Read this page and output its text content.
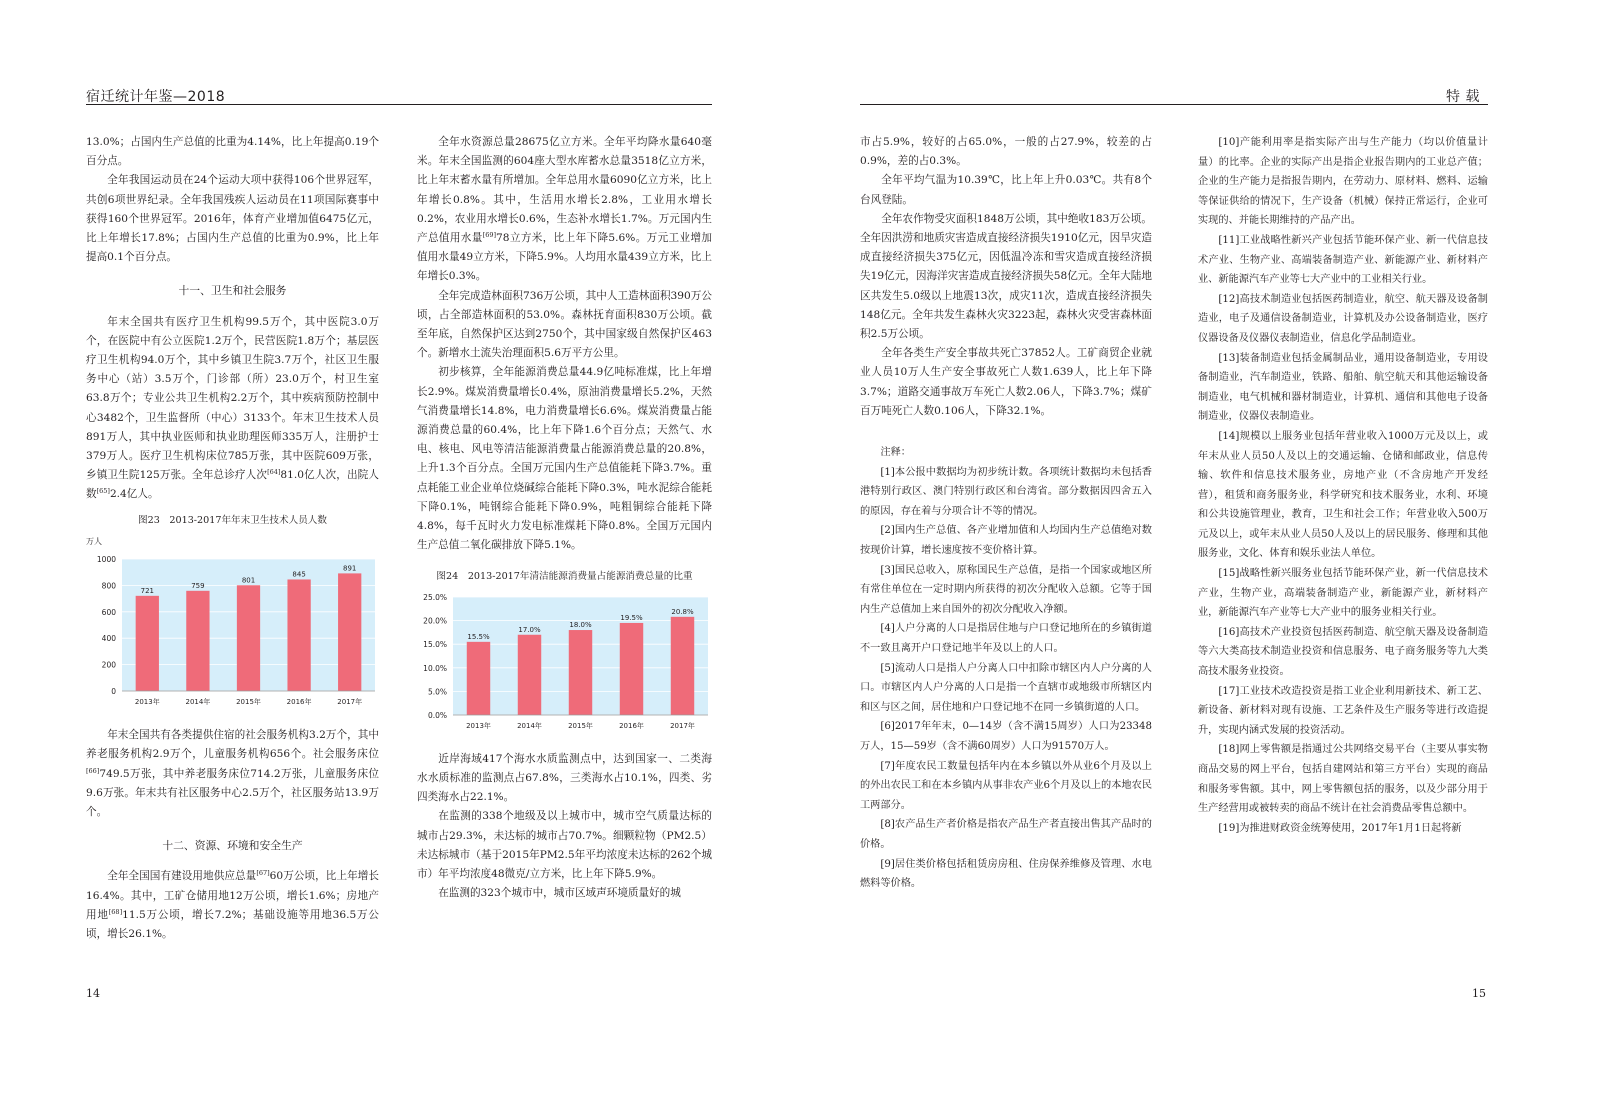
宿迁统计年鉴—2018

13.0%；占国内生产总值的比重为4.14%，比上年提高0.19个百分点。

全年我国运动员在24个运动大项中获得106个世界冠军，共创6项世界纪录。全年我国残疾人运动员在11项国际赛事中获得160个世界冠军。2016年，体育产业增加值6475亿元，比上年增长17.8%；占国内生产总值的比重为0.9%，比上年提高0.1个百分点。

十一、卫生和社会服务

年末全国共有医疗卫生机构99.5万个，其中医院3.0万个，在医院中有公立医院1.2万个，民营医院1.8万个；基层医疗卫生机构94.0万个，其中乡镇卫生院3.7万个，社区卫生服务中心（站）3.5万个，门诊部（所）23.0万个，村卫生室63.8万个；专业公共卫生机构2.2万个，其中疾病预防控制中心3482个，卫生监督所（中心）3133个。年末卫生技术人员891万人，其中执业医师和执业助理医师335万人，注册护士379万人。医疗卫生机构床位785万张，其中医院609万张，乡镇卫生院125万张。全年总诊疗人次[64]81.0亿人次，出院人数[65]2.4亿人。

图23　2013-2017年年末卫生技术人员人数
万人
0
200
400
600
800
1000
721
2013年
759
2014年
801
2015年
845
2016年
891
2017年

年末全国共有各类提供住宿的社会服务机构3.2万个，其中养老服务机构2.9万个，儿童服务机构656个。社会服务床位[66]749.5万张，其中养老服务床位714.2万张，儿童服务床位9.6万张。年末共有社区服务中心2.5万个，社区服务站13.9万个。

十二、资源、环境和安全生产

全年全国国有建设用地供应总量[67]60万公顷，比上年增长16.4%。其中，工矿仓储用地12万公顷，增长1.6%；房地产用地[68]11.5万公顷，增长7.2%；基础设施等用地36.5万公顷，增长26.1%。

全年水资源总量28675亿立方米。全年平均降水量640毫米。年末全国监测的604座大型水库蓄水总量3518亿立方米，比上年末蓄水量有所增加。全年总用水量6090亿立方米，比上年增长0.8%。其中，生活用水增长2.8%，工业用水增长0.2%，农业用水增长0.6%，生态补水增长1.7%。万元国内生产总值用水量[69]78立方米，比上年下降5.6%。万元工业增加值用水量49立方米，下降5.9%。人均用水量439立方米，比上年增长0.3%。

全年完成造林面积736万公顷，其中人工造林面积390万公顷，占全部造林面积的53.0%。森林抚育面积830万公顷。截至年底，自然保护区达到2750个，其中国家级自然保护区463个。新增水土流失治理面积5.6万平方公里。

初步核算，全年能源消费总量44.9亿吨标准煤，比上年增长2.9%。煤炭消费量增长0.4%，原油消费量增长5.2%，天然气消费量增长14.8%，电力消费量增长6.6%。煤炭消费量占能源消费总量的60.4%，比上年下降1.6个百分点；天然气、水电、核电、风电等清洁能源消费量占能源消费总量的20.8%，上升1.3个百分点。全国万元国内生产总值能耗下降3.7%。重点耗能工业企业单位烧碱综合能耗下降0.3%，吨水泥综合能耗下降0.1%，吨钢综合能耗下降0.9%，吨粗铜综合能耗下降4.8%，每千瓦时火力发电标准煤耗下降0.8%。全国万元国内生产总值二氧化碳排放下降5.1%。

图24　2013-2017年清洁能源消费量占能源消费总量的比重
0.0%
5.0%
10.0%
15.0%
20.0%
25.0%
15.5%
2013年
17.0%
2014年
18.0%
2015年
19.5%
2016年
20.8%
2017年

近岸海域417个海水水质监测点中，达到国家一、二类海水水质标准的监测点占67.8%，三类海水占10.1%，四类、劣四类海水占22.1%。

在监测的338个地级及以上城市中，城市空气质量达标的城市占29.3%，未达标的城市占70.7%。细颗粒物（PM2.5）未达标城市（基于2015年PM2.5年平均浓度未达标的262个城市）年平均浓度48微克/立方米，比上年下降5.9%。

在监测的323个城市中，城市区域声环境质量好的城

14
特 载

市占5.9%，较好的占65.0%，一般的占27.9%，较差的占0.9%，差的占0.3%。

全年平均气温为10.39℃，比上年上升0.03℃。共有8个台风登陆。

全年农作物受灾面积1848万公顷，其中绝收183万公顷。全年因洪涝和地质灾害造成直接经济损失1910亿元，因旱灾造成直接经济损失375亿元，因低温冷冻和雪灾造成直接经济损失19亿元，因海洋灾害造成直接经济损失58亿元。全年大陆地区共发生5.0级以上地震13次，成灾11次，造成直接经济损失148亿元。全年共发生森林火灾3223起，森林火灾受害森林面积2.5万公顷。

全年各类生产安全事故共死亡37852人。工矿商贸企业就业人员10万人生产安全事故死亡人数1.639人，比上年下降3.7%；道路交通事故万车死亡人数2.06人，下降3.7%；煤矿百万吨死亡人数0.106人，下降32.1%。

注释：

[1]本公报中数据均为初步统计数。各项统计数据均未包括香港特别行政区、澳门特别行政区和台湾省。部分数据因四舍五入的原因，存在着与分项合计不等的情况。

[2]国内生产总值、各产业增加值和人均国内生产总值绝对数按现价计算，增长速度按不变价格计算。

[3]国民总收入，原称国民生产总值，是指一个国家或地区所有常住单位在一定时期内所获得的初次分配收入总额。它等于国内生产总值加上来自国外的初次分配收入净额。

[4]人户分离的人口是指居住地与户口登记地所在的乡镇街道不一致且离开户口登记地半年及以上的人口。

[5]流动人口是指人户分离人口中扣除市辖区内人户分离的人口。市辖区内人户分离的人口是指一个直辖市或地级市所辖区内和区与区之间，居住地和户口登记地不在同一乡镇街道的人口。

[6]2017年年末，0—14岁（含不满15周岁）人口为23348万人，15—59岁（含不满60周岁）人口为91570万人。

[7]年度农民工数量包括年内在本乡镇以外从业6个月及以上的外出农民工和在本乡镇内从事非农产业6个月及以上的本地农民工两部分。

[8]农产品生产者价格是指农产品生产者直接出售其产品时的价格。

[9]居住类价格包括租赁房房租、住房保养维修及管理、水电燃料等价格。

[10]产能利用率是指实际产出与生产能力（均以价值量计量）的比率。企业的实际产出是指企业报告期内的工业总产值；企业的生产能力是指报告期内，在劳动力、原材料、燃料、运输等保证供给的情况下，生产设备（机械）保持正常运行，企业可实现的、并能长期维持的产品产出。

[11]工业战略性新兴产业包括节能环保产业、新一代信息技术产业、生物产业、高端装备制造产业、新能源产业、新材料产业、新能源汽车产业等七大产业中的工业相关行业。

[12]高技术制造业包括医药制造业，航空、航天器及设备制造业，电子及通信设备制造业，计算机及办公设备制造业，医疗仪器设备及仪器仪表制造业，信息化学品制造业。

[13]装备制造业包括金属制品业，通用设备制造业，专用设备制造业，汽车制造业，铁路、船舶、航空航天和其他运输设备制造业，电气机械和器材制造业，计算机、通信和其他电子设备制造业，仪器仪表制造业。

[14]规模以上服务业包括年营业收入1000万元及以上，或年末从业人员50人及以上的交通运输、仓储和邮政业，信息传输、软件和信息技术服务业，房地产业（不含房地产开发经营），租赁和商务服务业，科学研究和技术服务业，水利、环境和公共设施管理业，教育，卫生和社会工作；年营业收入500万元及以上，或年末从业人员50人及以上的居民服务、修理和其他服务业，文化、体育和娱乐业法人单位。

[15]战略性新兴服务业包括节能环保产业，新一代信息技术产业，生物产业，高端装备制造产业，新能源产业，新材料产业，新能源汽车产业等七大产业中的服务业相关行业。

[16]高技术产业投资包括医药制造、航空航天器及设备制造等六大类高技术制造业投资和信息服务、电子商务服务等九大类高技术服务业投资。

[17]工业技术改造投资是指工业企业利用新技术、新工艺、新设备、新材料对现有设施、工艺条件及生产服务等进行改造提升，实现内涵式发展的投资活动。

[18]网上零售额是指通过公共网络交易平台（主要从事实物商品交易的网上平台，包括自建网站和第三方平台）实现的商品和服务零售额。其中，网上零售额包括的服务，以及少部分用于生产经营用或被转卖的商品不统计在社会消费品零售总额中。

[19]为推进财政资金统筹使用，2017年1月1日起将新

15
